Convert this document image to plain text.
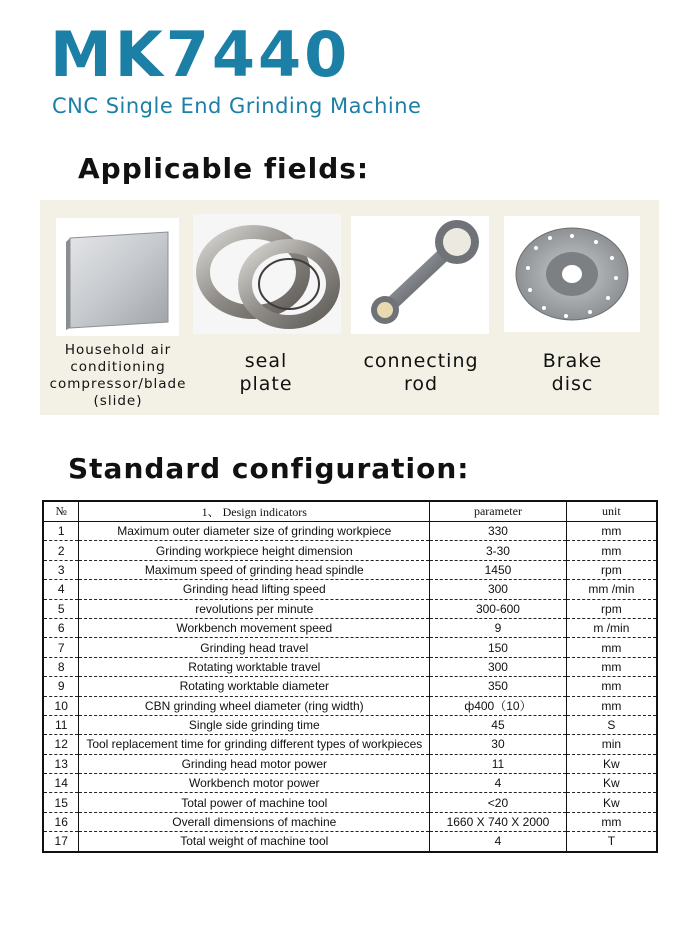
MK7440
CNC Single End Grinding Machine
Applicable fields:
Household air conditioning compressor/blade (slide)
seal plate
connecting rod
Brake disc
Standard configuration:
№	1、 Design indicators	parameter	unit
1	Maximum outer diameter size of grinding workpiece	330	mm
2	Grinding workpiece height dimension	3-30	mm
3	Maximum speed of grinding head spindle	1450	rpm
4	Grinding head lifting speed	300	mm /min
5	revolutions per minute	300-600	rpm
6	Workbench movement speed	9	m /min
7	Grinding head travel	150	mm
8	Rotating worktable travel	300	mm
9	Rotating worktable diameter	350	mm
10	CBN grinding wheel diameter (ring width)	ф400（10）	mm
11	Single side grinding time	45	S
12	Tool replacement time for grinding different types of workpieces	30	min
13	Grinding head motor power	11	Kw
14	Workbench motor power	4	Kw
15	Total power of machine tool	<20	Kw
16	Overall dimensions of machine	1660 X 740 X 2000	mm
17	Total weight of machine tool	4	T
